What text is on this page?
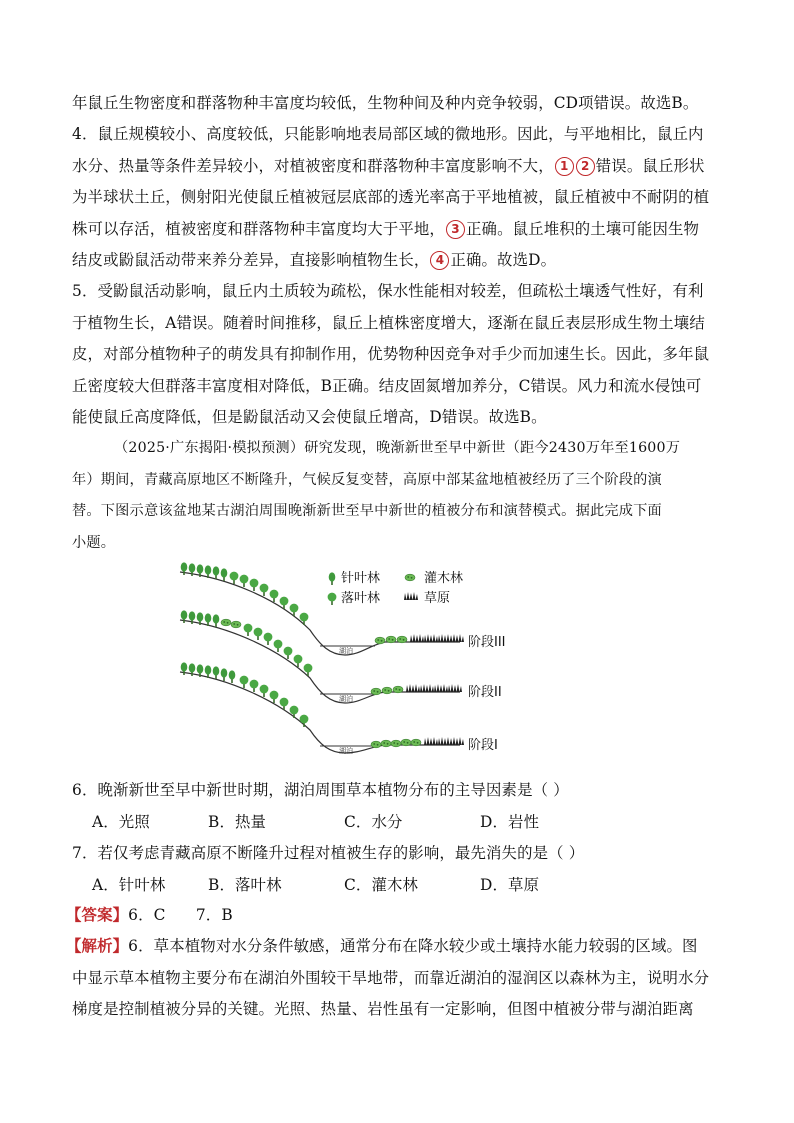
年鼠丘生物密度和群落物种丰富度均较低，生物种间及种内竞争较弱，CD项错误。故选B。
4．鼠丘规模较小、高度较低，只能影响地表局部区域的微地形。因此，与平地相比，鼠丘内
水分、热量等条件差异较小，对植被密度和群落物种丰富度影响不大， 1 2 错误。鼠丘形状
为半球状土丘，侧射阳光使鼠丘植被冠层底部的透光率高于平地植被，鼠丘植被中不耐阴的植
株可以存活，植被密度和群落物种丰富度均大于平地， 3 正确。鼠丘堆积的土壤可能因生物
结皮或鼢鼠活动带来养分差异，直接影响植物生长， 4 正确。故选D。
5．受鼢鼠活动影响，鼠丘内土质较为疏松，保水性能相对较差，但疏松土壤透气性好，有利
于植物生长，A错误。随着时间推移，鼠丘上植株密度增大，逐渐在鼠丘表层形成生物土壤结
皮，对部分植物种子的萌发具有抑制作用，优势物种因竞争对手少而加速生长。因此，多年鼠
丘密度较大但群落丰富度相对降低，B正确。结皮固氮增加养分，C错误。风力和流水侵蚀可
能使鼠丘高度降低，但是鼢鼠活动又会使鼠丘增高，D错误。故选B。
（2025·广东揭阳·模拟预测）研究发现，晚渐新世至早中新世（距今2430万年至1600万
年）期间，青藏高原地区不断隆升，气候反复变替，高原中部某盆地植被经历了三个阶段的演
替。下图示意该盆地某古湖泊周围晚渐新世至早中新世的植被分布和演替模式。据此完成下面
小题。
针叶林	灌木林
落叶林	草原
湖泊
阶段III
湖泊	阶段II
湖泊	阶段I
6．晚渐新世至早中新世时期，湖泊周围草本植物分布的主导因素是（ ）
A．光照	B．热量	C．水分	D．岩性
7．若仅考虑青藏高原不断隆升过程对植被生存的影响，最先消失的是（ ）
A．针叶林	B．落叶林	C．灌木林	D．草原
【答案】6．C      7．B
【解析】6．草本植物对水分条件敏感，通常分布在降水较少或土壤持水能力较弱的区域。图
中显示草本植物主要分布在湖泊外围较干旱地带，而靠近湖泊的湿润区以森林为主，说明水分
梯度是控制植被分异的关键。光照、热量、岩性虽有一定影响，但图中植被分带与湖泊距离
